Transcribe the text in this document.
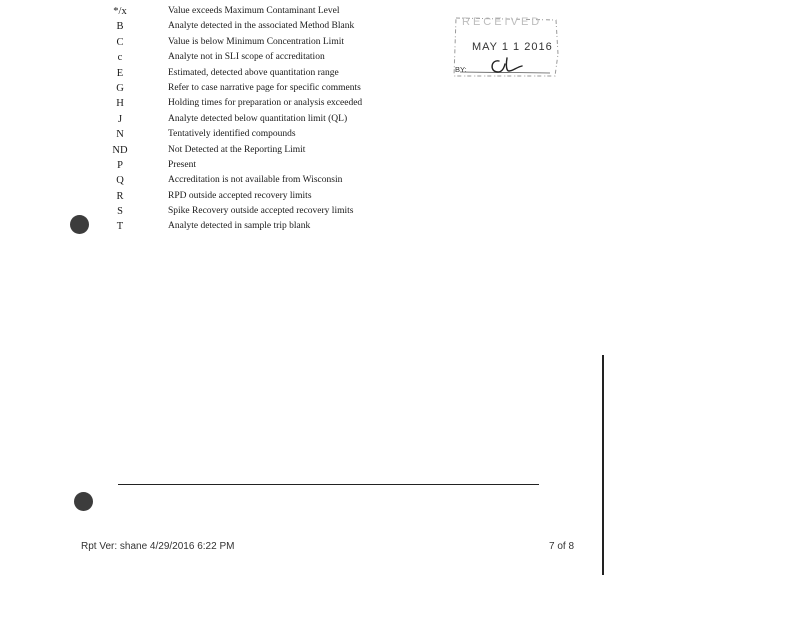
*/x	Value exceeds Maximum Contaminant Level
B	Analyte detected in the associated Method Blank
C	Value is below Minimum Concentration Limit
c	Analyte not in SLI scope of accreditation
E	Estimated, detected above quantitation range
G	Refer to case narrative page for specific comments
H	Holding times for preparation or analysis exceeded
J	Analyte detected below quantitation limit (QL)
N	Tentatively identified compounds
ND	Not Detected at the Reporting Limit
P	Present
Q	Accreditation is not available from Wisconsin
R	RPD outside accepted recovery limits
S	Spike Recovery outside accepted recovery limits
T	Analyte detected in sample trip blank
RECEIVED
MAY 1 1 2016
BY:
Rpt Ver: shane 4/29/2016 6:22 PM	7 of 8
